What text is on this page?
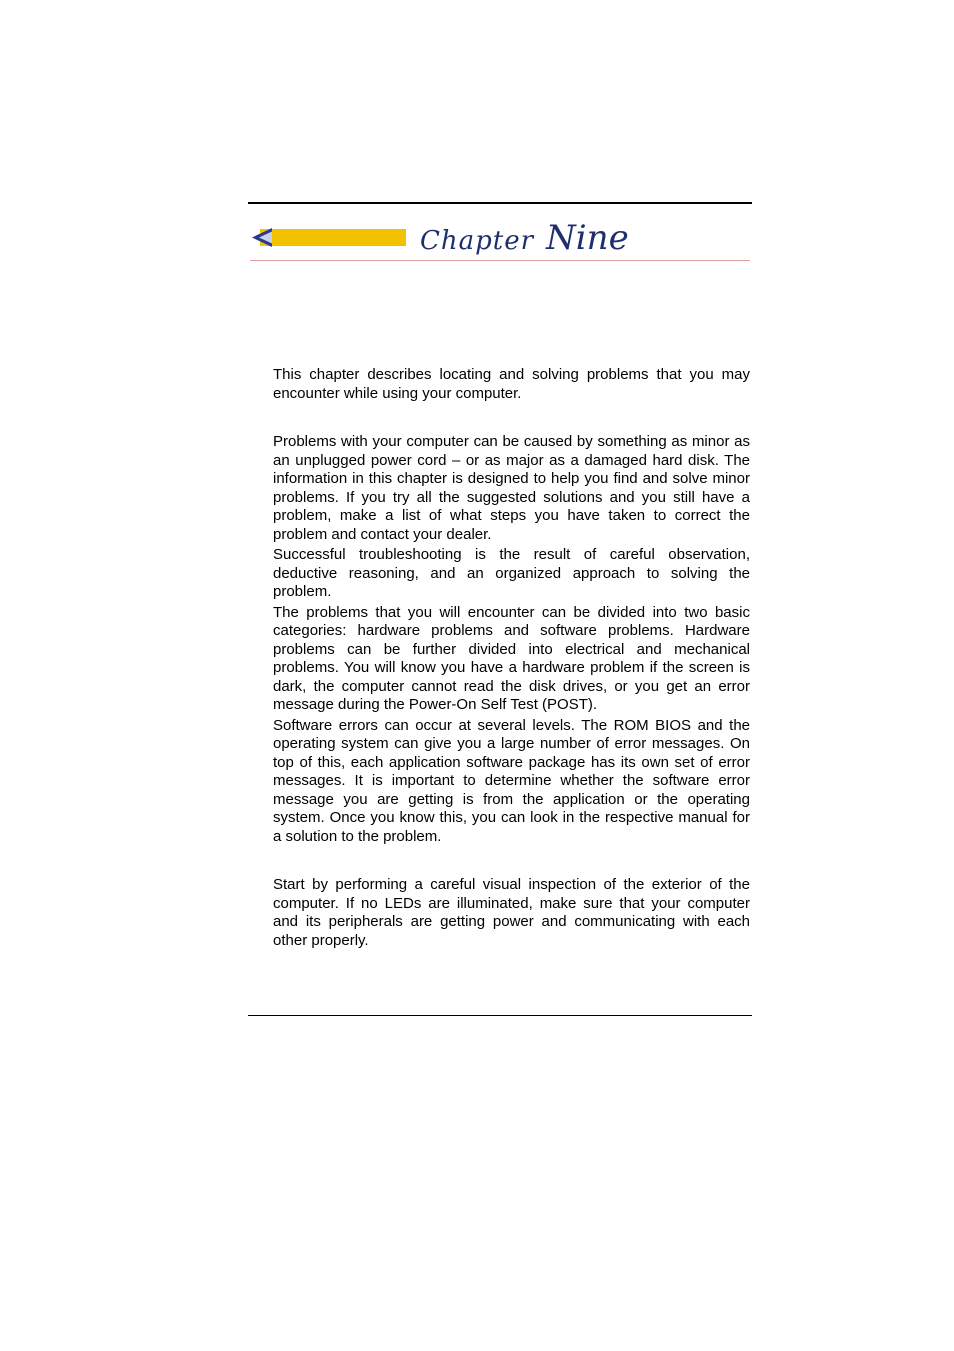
Chapter Nine

This chapter describes locating and solving problems that you may encounter while using your computer.

Problems with your computer can be caused by something as minor as an unplugged power cord – or as major as a damaged hard disk. The information in this chapter is designed to help you find and solve minor problems. If you try all the suggested solutions and you still have a problem, make a list of what steps you have taken to correct the problem and contact your dealer.

Successful troubleshooting is the result of careful observation, deductive reasoning, and an organized approach to solving the problem.

The problems that you will encounter can be divided into two basic categories: hardware problems and software problems. Hardware problems can be further divided into electrical and mechanical problems. You will know you have a hardware problem if the screen is dark, the computer cannot read the disk drives, or you get an error message during the Power-On Self Test (POST).

Software errors can occur at several levels. The ROM BIOS and the operating system can give you a large number of error messages. On top of this, each application software package has its own set of error messages. It is important to determine whether the software error message you are getting is from the application or the operating system. Once you know this, you can look in the respective manual for a solution to the problem.

Start by performing a careful visual inspection of the exterior of the computer. If no LEDs are illuminated, make sure that your computer and its peripherals are getting power and communicating with each other properly.
